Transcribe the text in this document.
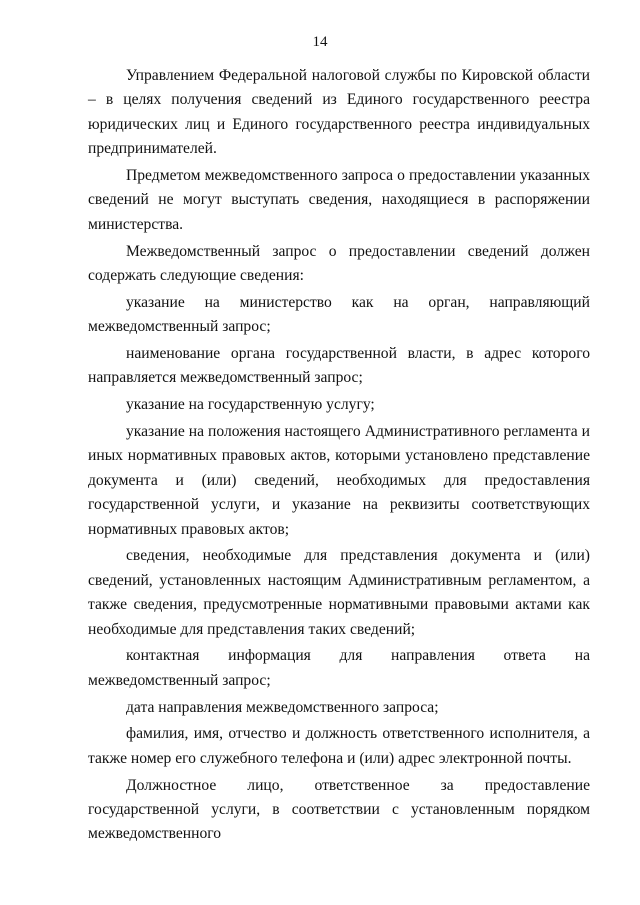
14

Управлением Федеральной налоговой службы по Кировской области – в целях получения сведений из Единого государственного реестра юридических лиц и Единого государственного реестра индивидуальных предпринимателей.

Предметом межведомственного запроса о предоставлении указанных сведений не могут выступать сведения, находящиеся в распоряжении министерства.

Межведомственный запрос о предоставлении сведений должен содержать следующие сведения:

указание на министерство как на орган, направляющий межведомственный запрос;

наименование органа государственной власти, в адрес которого направляется межведомственный запрос;

указание на государственную услугу;

указание на положения настоящего Административного регламента и иных нормативных правовых актов, которыми установлено представление документа и (или) сведений, необходимых для предоставления государственной услуги, и указание на реквизиты соответствующих нормативных правовых актов;

сведения, необходимые для представления документа и (или) сведений, установленных настоящим Административным регламентом, а также сведения, предусмотренные нормативными правовыми актами как необходимые для представления таких сведений;

контактная информация для направления ответа на межведомственный запрос;

дата направления межведомственного запроса;

фамилия, имя, отчество и должность ответственного исполнителя, а также номер его служебного телефона и (или) адрес электронной почты.

Должностное лицо, ответственное за предоставление государственной услуги, в соответствии с установленным порядком межведомственного
